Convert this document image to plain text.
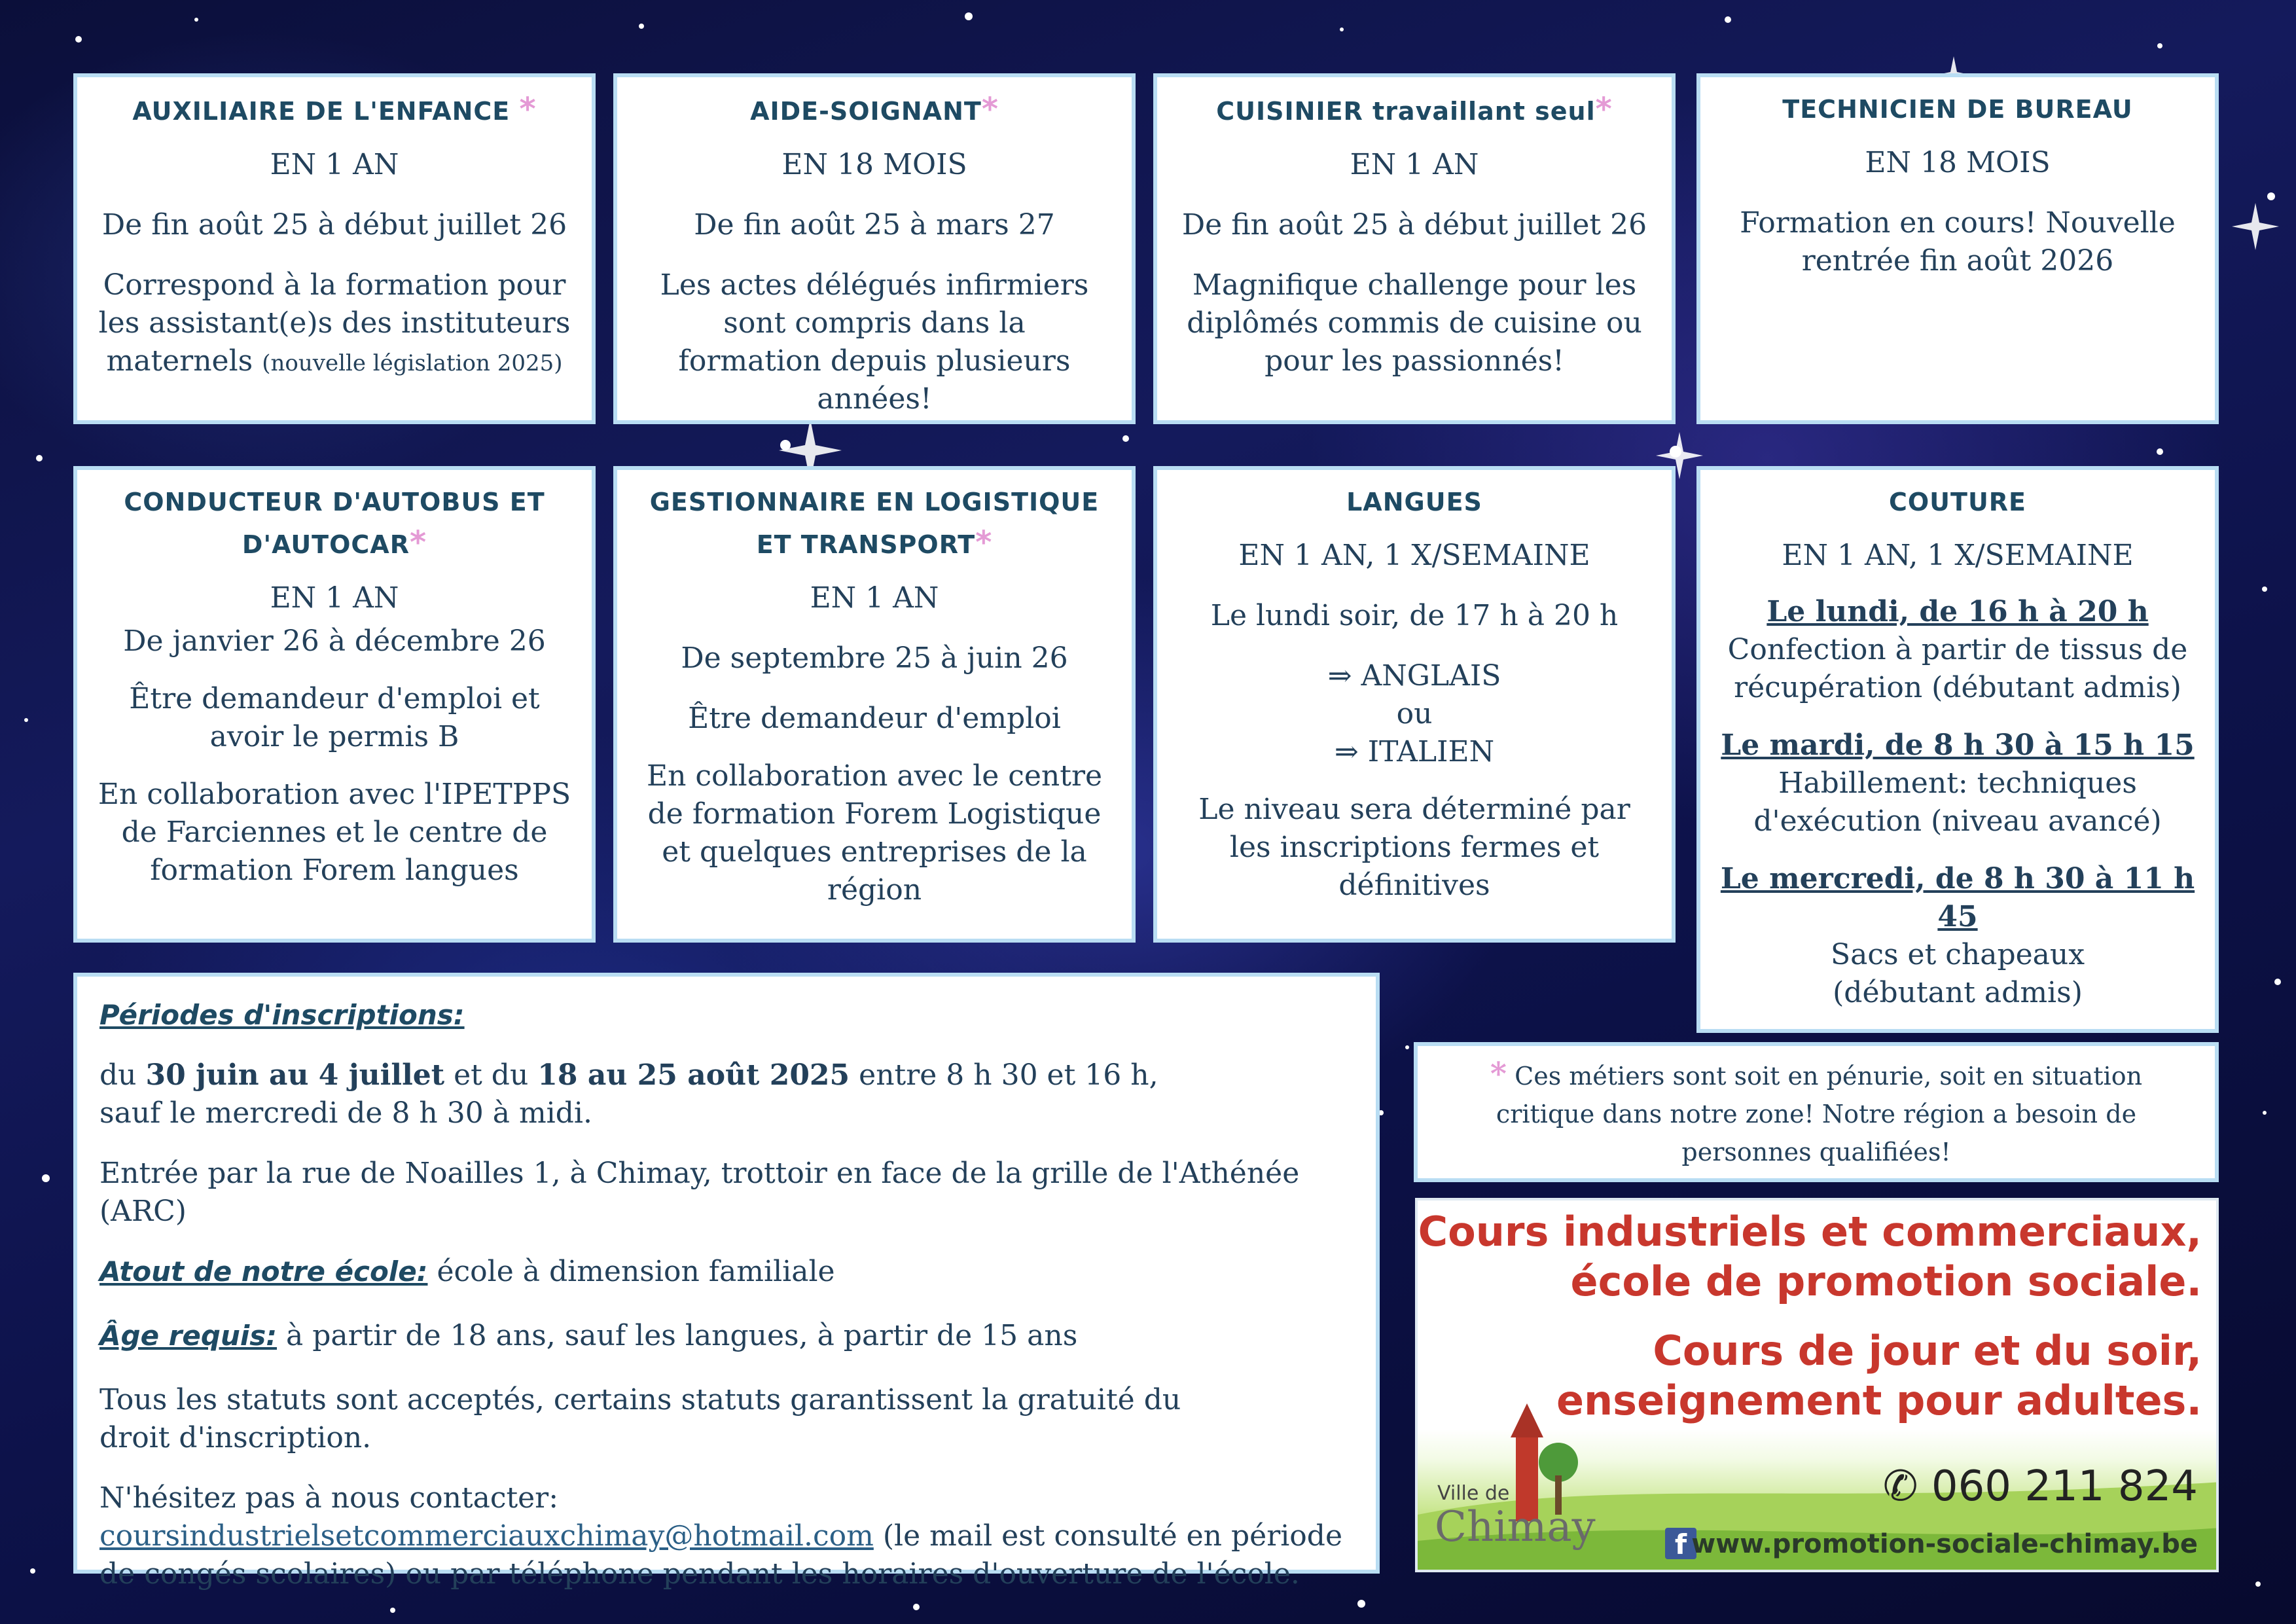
AUXILIAIRE DE L'ENFANCE *

EN 1 AN

De fin août 25 à début juillet 26

Correspond à la formation pour les assistant(e)s des instituteurs maternels (nouvelle législation 2025)

AIDE-SOIGNANT*

EN 18 MOIS

De fin août 25 à mars 27

Les actes délégués infirmiers sont compris dans la formation depuis plusieurs années!

CUISINIER travaillant seul*

EN 1 AN

De fin août 25 à début juillet 26

Magnifique challenge pour les diplômés commis de cuisine ou pour les passionnés!

TECHNICIEN DE BUREAU

EN 18 MOIS

Formation en cours! Nouvelle rentrée fin août 2026

CONDUCTEUR D'AUTOBUS ET
D'AUTOCAR*

EN 1 AN

De janvier 26 à décembre 26

Être demandeur d'emploi et avoir le permis B

En collaboration avec l'IPETPPS de Farciennes et le centre de formation Forem langues

GESTIONNAIRE EN LOGISTIQUE
ET TRANSPORT*

EN 1 AN

De septembre 25 à juin 26

Être demandeur d'emploi

En collaboration avec le centre de formation Forem Logistique et quelques entreprises de la région

LANGUES

EN 1 AN, 1 X/SEMAINE

Le lundi soir, de 17 h à 20 h

⇒ ANGLAIS

ou

⇒ ITALIEN

Le niveau sera déterminé par les inscriptions fermes et définitives

COUTURE

EN 1 AN, 1 X/SEMAINE

Le lundi, de 16 h à 20 h

Confection à partir de tissus de récupération (débutant admis)

Le mardi, de 8 h 30 à 15 h 15

Habillement: techniques d'exécution (niveau avancé)

Le mercredi, de 8 h 30 à 11 h 45

Sacs et chapeaux (débutant admis)

Périodes d'inscriptions:

du 30 juin au 4 juillet et du 18 au 25 août 2025 entre 8 h 30 et 16 h,
sauf le mercredi de 8 h 30 à midi.

Entrée par la rue de Noailles 1, à Chimay, trottoir en face de la grille de l'Athénée (ARC)

Atout de notre école: école à dimension familiale

Âge requis: à partir de 18 ans, sauf les langues, à partir de 15 ans

Tous les statuts sont acceptés, certains statuts garantissent la gratuité du droit d'inscription.

N'hésitez pas à nous contacter:
coursindustrielsetcommerciauxchimay@hotmail.com (le mail est consulté en période de congés scolaires) ou par téléphone pendant les horaires d'ouverture de l'école.

* Ces métiers sont soit en pénurie, soit en situation critique dans notre zone! Notre région a besoin de personnes qualifiées!

Cours industriels et commerciaux,

école de promotion sociale.

Cours de jour et du soir,

enseignement pour adultes.

✆ 060 211 824

f www.promotion-sociale-chimay.be

Ville de

Chimay
